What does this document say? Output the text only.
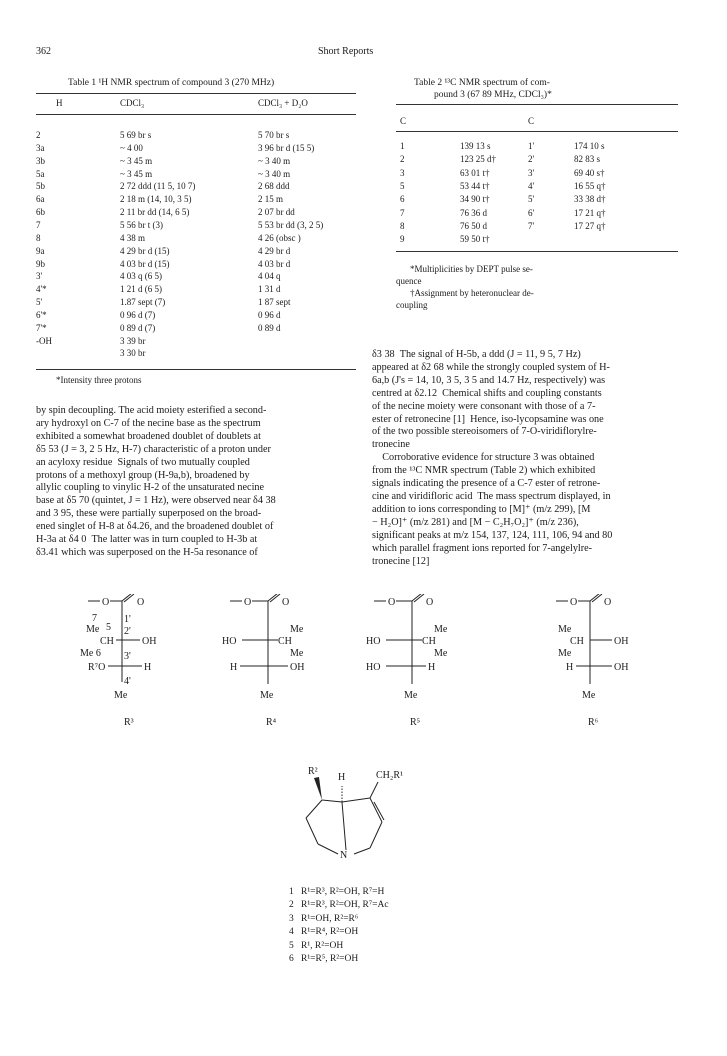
362	Short Reports
Table 1 ¹H NMR spectrum of compound 3 (270 MHz)
H	CDCl₃	CDCl₃ + D₂O
2	5 69 br s	5 70 br s
3a	~ 4 00	3 96 br d (15 5)
3b	~ 3 45 m	~ 3 40 m
5a	~ 3 45 m	~ 3 40 m
5b	2 72 ddd (11 5, 10 7)	2 68 ddd
6a	2 18 m (14, 10, 3 5)	2 15 m
6b	2 11 br dd (14, 6 5)	2 07 br dd
7	5 56 br t (3)	5 53 br dd (3, 2 5)
8	4 38 m	4 26 (obsc )
9a	4 29 br d (15)	4 29 br d
9b	4 03 br d (15)	4 03 br d
3'	4 03 q (6 5)	4 04 q
4'*	1 21 d (6 5)	1 31 d
5'	1.87 sept (7)	1 87 sept
6'*	0 96 d (7)	0 96 d
7'*	0 89 d (7)	0 89 d
-OH	3 39 br
3 30 br
*Intensity three protons
Table 2 ¹³C NMR spectrum of com-
pound 3 (67 89 MHz, CDCl₃)*
C	C
1	139 13 s	1'	174 10 s
2	123 25 d†	2'	82 83 s
3	63 01 t†	3'	69 40 s†
5	53 44 t†	4'	16 55 q†
6	34 90 t†	5'	33 38 d†
7	76 36 d	6'	17 21 q†
8	76 50 d	7'	17 27 q†
9	59 50 t†
*Multiplicities by DEPT pulse se-
quence
†Assignment by heteronuclear de-
coupling
by spin decoupling. The acid moiety esterified a second-
ary hydroxyl on C-7 of the necine base as the spectrum
exhibited a somewhat broadened doublet of doublets at
δ5 53 (J = 3, 2 5 Hz, H-7) characteristic of a proton under
an acyloxy residue  Signals of two mutually coupled
protons of a methoxyl group (H-9a,b), broadened by
allylic coupling to vinylic H-2 of the unsaturated necine
base at δ5 70 (quintet, J = 1 Hz), were observed near δ4 38
and 3 95, these were partially superposed on the broad-
ened singlet of H-8 at δ4.26, and the broadened doublet of
H-3a at δ4 0  The latter was in turn coupled to H-3b at
δ3.41 which was superposed on the H-5a resonance of
δ3 38  The signal of H-5b, a ddd (J = 11, 9 5, 7 Hz)
appeared at δ2 68 while the strongly coupled system of H-
6a,b (J's = 14, 10, 3 5, 3 5 and 14.7 Hz, respectively) was
centred at δ2.12  Chemical shifts and coupling constants
of the necine moiety were consonant with those of a 7-
ester of retronecine [1]  Hence, iso-lycopsamine was one
of the two possible stereoisomers of 7-O-viridiflorylre-
tronecine
Corroborative evidence for structure 3 was obtained
from the ¹³C NMR spectrum (Table 2) which exhibited
signals indicating the presence of a C-7 ester of retrone-
cine and viridifloric acid  The mass spectrum displayed, in
addition to ions corresponding to [M]⁺ (m/z 299), [M
− H₂O]⁺ (m/z 281) and [M − C₂H₇O₂]⁺ (m/z 236),
significant peaks at m/z 154, 137, 124, 111, 106, 94 and 80
which parallel fragment ions reported for 7-angelylre-
tronecine [12]
O	O
7
Me 5
1'
2'
CH	OH
Me 6 3'
R⁷O	H
4'
Me
R³
O	O
Me
HO	CH
Me
H	OH
Me
R⁴
O	O
Me
HO	CH
Me
HO	H
Me
R⁵
O	O
Me
CH	OH
Me
H	OH
Me
R⁶
R²
H	CH₂R¹
N
1 R¹=R³, R²=OH, R⁷=H
2 R¹=R³, R²=OH, R⁷=Ac
3 R¹=OH, R²=R⁶
4 R¹=R⁴, R²=OH
5 R¹, R²=OH
6 R¹=R⁵, R²=OH
